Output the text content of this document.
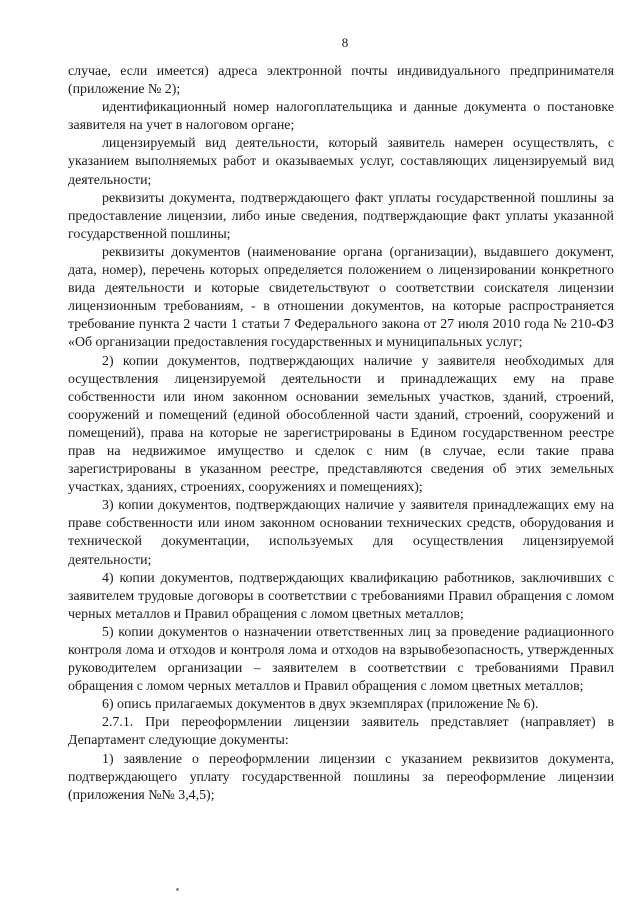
8

случае, если имеется) адреса электронной почты индивидуального предпринимателя (приложение № 2);

идентификационный номер налогоплательщика и данные документа о постановке заявителя на учет в налоговом органе;

лицензируемый вид деятельности, который заявитель намерен осуществлять, с указанием выполняемых работ и оказываемых услуг, составляющих лицензируемый вид деятельности;

реквизиты документа, подтверждающего факт уплаты государственной пошлины за предоставление лицензии, либо иные сведения, подтверждающие факт уплаты указанной государственной пошлины;

реквизиты документов (наименование органа (организации), выдавшего документ, дата, номер), перечень которых определяется положением о лицензировании конкретного вида деятельности и которые свидетельствуют о соответствии соискателя лицензии лицензионным требованиям, - в отношении документов, на которые распространяется требование пункта 2 части 1 статьи 7 Федерального закона от 27 июля 2010 года № 210-ФЗ «Об организации предоставления государственных и муниципальных услуг;

2) копии документов, подтверждающих наличие у заявителя необходимых для осуществления лицензируемой деятельности и принадлежащих ему на праве собственности или ином законном основании земельных участков, зданий, строений, сооружений и помещений (единой обособленной части зданий, строений, сооружений и помещений), права на которые не зарегистрированы в Едином государственном реестре прав на недвижимое имущество и сделок с ним (в случае, если такие права зарегистрированы в указанном реестре, представляются сведения об этих земельных участках, зданиях, строениях, сооружениях и помещениях);

3) копии документов, подтверждающих наличие у заявителя принадлежащих ему на праве собственности или ином законном основании технических средств, оборудования и технической документации, используемых для осуществления лицензируемой деятельности;

4) копии документов, подтверждающих квалификацию работников, заключивших с заявителем трудовые договоры в соответствии с требованиями Правил обращения с ломом черных металлов и Правил обращения с ломом цветных металлов;

5) копии документов о назначении ответственных лиц за проведение радиационного контроля лома и отходов и контроля лома и отходов на взрывобезопасность, утвержденных руководителем организации – заявителем в соответствии с требованиями Правил обращения с ломом черных металлов и Правил обращения с ломом цветных металлов;

6) опись прилагаемых документов в двух экземплярах (приложение № 6).

2.7.1. При переоформлении лицензии заявитель представляет (направляет) в Департамент следующие документы:

1) заявление о переоформлении лицензии с указанием реквизитов документа, подтверждающего уплату государственной пошлины за переоформление лицензии (приложения №№ 3,4,5);
